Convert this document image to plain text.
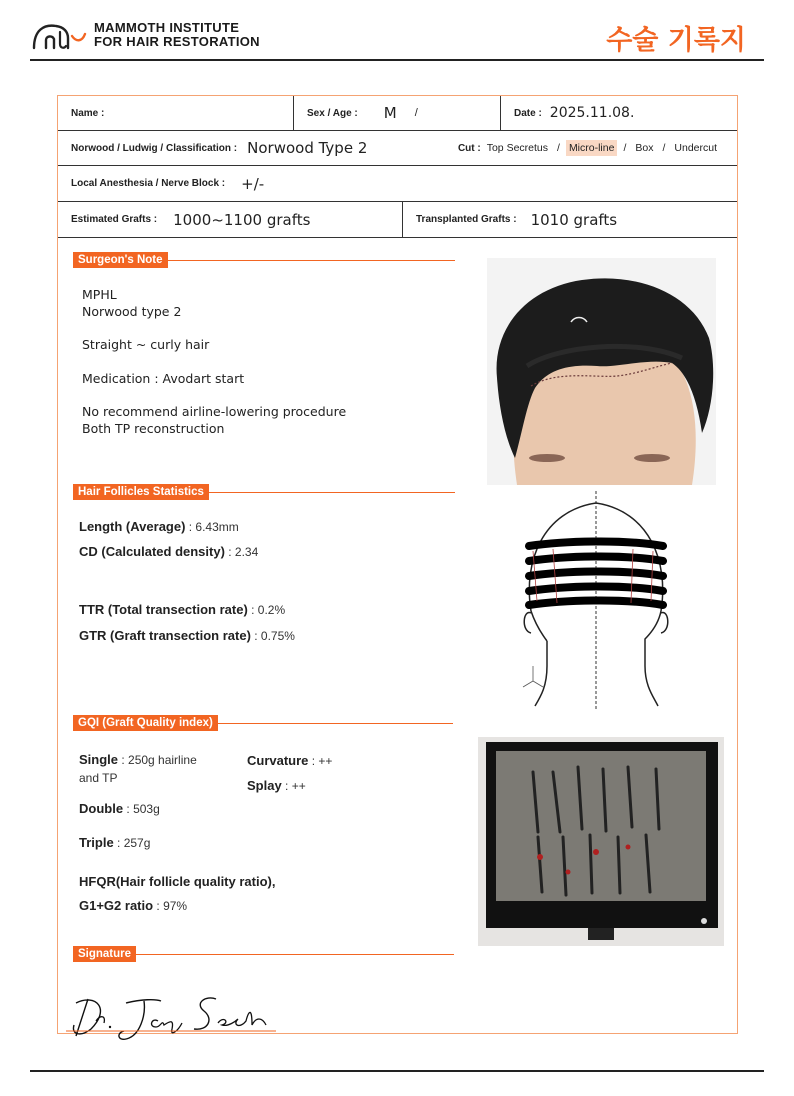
MAMMOTH INSTITUTE
FOR HAIR RESTORATION	수술 기록지
Name :	Sex / Age : M /	Date : 2025.11.08.
Norwood / Ludwig / Classification : Norwood Type 2	Cut : Top Secretus / Micro-line / Box / Undercut
Local Anesthesia / Nerve Block : +/-
Estimated Grafts : 1000~1100 grafts	Transplanted Grafts : 1010 grafts
Surgeon's Note
MPHL
Norwood type 2
Straight ~ curly hair
Medication : Avodart start
No recommend airline-lowering procedure
Both TP reconstruction
Hair Follicles Statistics
Length (Average) : 6.43mm
CD (Calculated density) : 2.34
TTR (Total transection rate) : 0.2%
GTR (Graft transection rate) : 0.75%
GQI (Graft Quality index)
Single : 250g hairline
and TP
Curvature : ++
Splay : ++
Double : 503g
Triple : 257g
HFQR(Hair follicle quality ratio),
G1+G2 ratio : 97%
Signature
